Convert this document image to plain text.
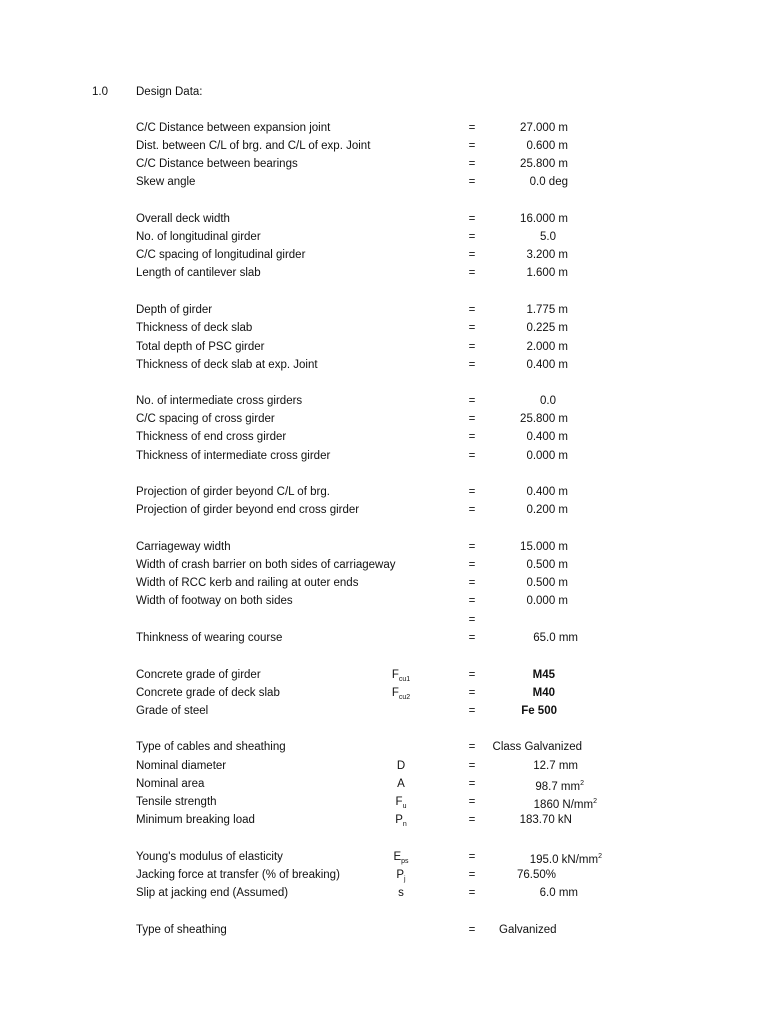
1.0 Design Data:
C/C Distance between expansion joint	=	27.000 m
Dist. between C/L of brg. and C/L of exp. Joint	=	0.600 m
C/C Distance between bearings	=	25.800 m
Skew angle	=	0.0 deg
Overall deck width	=	16.000 m
No. of longitudinal girder	=	5.0
C/C spacing of longitudinal girder	=	3.200 m
Length of cantilever slab	=	1.600 m
Depth of girder	=	1.775 m
Thickness of deck slab	=	0.225 m
Total depth of PSC girder	=	2.000 m
Thickness of deck slab at exp. Joint	=	0.400 m
No. of intermediate cross girders	=	0.0
C/C spacing of cross girder	=	25.800 m
Thickness of end cross girder	=	0.400 m
Thickness of intermediate cross girder	=	0.000 m
Projection of girder beyond C/L of brg.	=	0.400 m
Projection of girder beyond end cross girder	=	0.200 m
Carriageway width	=	15.000 m
Width of crash barrier on both sides of carriageway	=	0.500 m
Width of RCC kerb and railing at outer ends	=	0.500 m
Width of footway on both sides	=	0.000 m
=
Thinkness of wearing course	=	65.0 mm
Concrete grade of girder	$F_{cu1}$	=	M45
Concrete grade of deck slab	$F_{cu2}$	=	M40
Grade of steel	=	Fe 500
Type of cables and sheathing	= Class Galvanized
Nominal diameter	D	=	12.7 mm
Nominal area	A	=	98.7 $mm^2$
Tensile strength	$F_u$	=	1860 $N/mm^2$
Minimum breaking load	$P_n$	=	183.70 kN
Young's modulus of elasticity	$E_{ps}$	=	195.0 $kN/mm^2$
Jacking force at transfer (% of breaking)	$P_j$	=	76.50%
Slip at jacking end (Assumed)	s	=	6.0 mm
Type of sheathing	= Galvanized
